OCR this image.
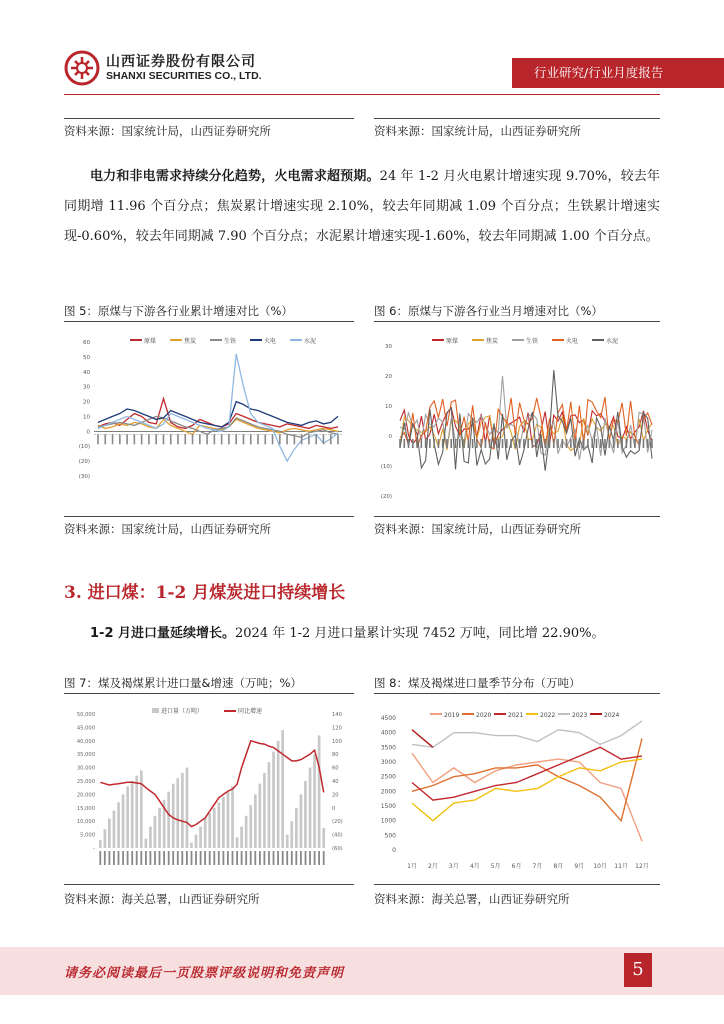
山西证券股份有限公司
SHANXI SECURITIES CO., LTD.	行业研究/行业月度报告
资料来源：国家统计局，山西证券研究所	资料来源：国家统计局，山西证券研究所
电力和非电需求持续分化趋势，火电需求超预期。24 年 1-2 月火电累计增速实现 9.70%，较去年同期增 11.96 个百分点；焦炭累计增速实现 2.10%，较去年同期减 1.09 个百分点；生铁累计增速实现-0.60%，较去年同期减 7.90 个百分点；水泥累计增速实现-1.60%，较去年同期减 1.00 个百分点。
图 5：原煤与下游各行业累计增速对比（%）
60
50
40
30
20
10
0
(10)
(20)
(30)
原煤	焦炭	生铁	火电	水泥
资料来源：国家统计局，山西证券研究所
图 6：原煤与下游各行业当月增速对比（%）
30
20
10
0
(10)
(20)
原煤	焦炭	生铁	火电	水泥
资料来源：国家统计局，山西证券研究所
3. 进口煤：1-2 月煤炭进口持续增长
1-2 月进口量延续增长。2024 年 1-2 月进口量累计实现 7452 万吨，同比增 22.90%。
图 7：煤及褐煤累计进口量&增速（万吨；%）
50,000
45,000
40,000
35,000
30,000
25,000
20,000
15,000
10,000
5,000
-
140
120
100
80
60
40
20
0
(20)
(40)
(60)
进口量（万吨）	同比增速
资料来源：海关总署，山西证券研究所
图 8：煤及褐煤进口量季节分布（万吨）
4500
4000
3500
3000
2500
2000
1500
1000
500
0
2019	2020	2021	2022	2023	2024
1月 2月 3月 4月 5月 6月 7月 8月 9月 10月 11月 12月
资料来源：海关总署，山西证券研究所
请务必阅读最后一页股票评级说明和免责声明	5
